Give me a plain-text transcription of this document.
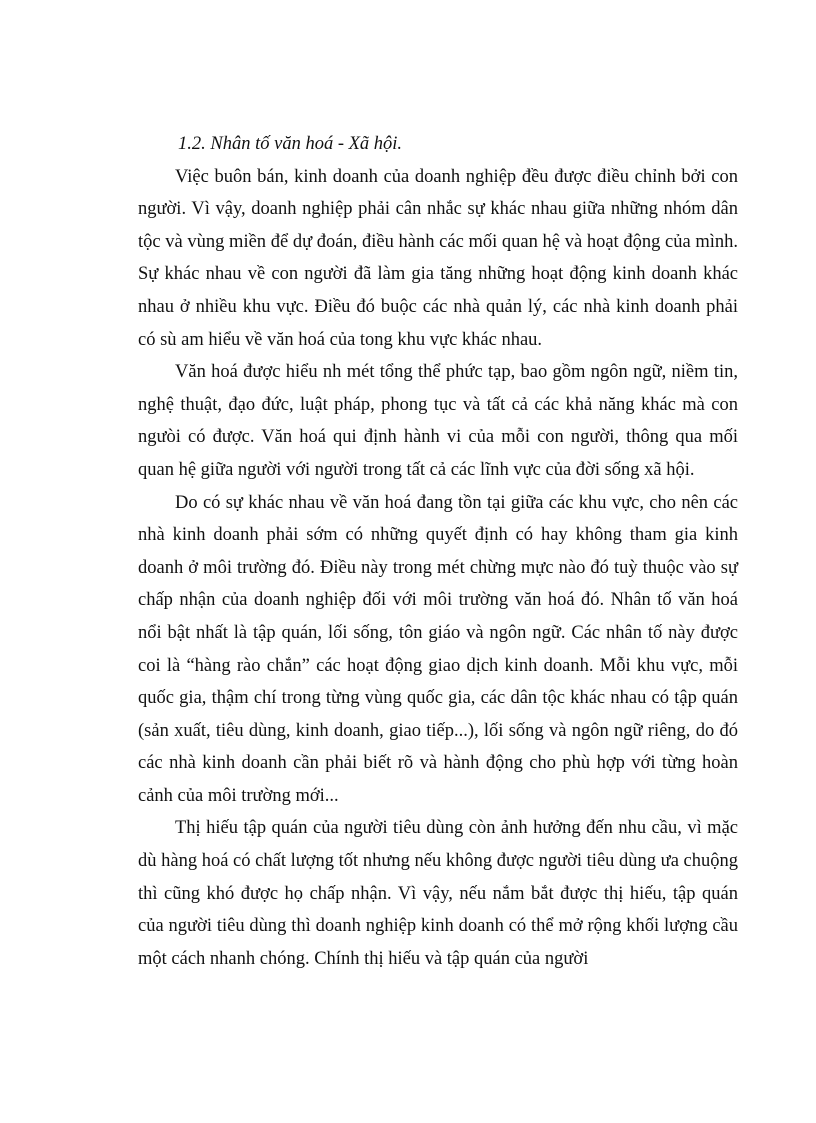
1.2. Nhân tố văn hoá - Xã hội.

Việc buôn bán, kinh doanh của doanh nghiệp đều được điều chỉnh bởi con người. Vì vậy, doanh nghiệp phải cân nhắc sự khác nhau giữa những nhóm dân tộc và vùng miền để dự đoán, điều hành các mối quan hệ và hoạt động của mình. Sự khác nhau về con người đã làm gia tăng những hoạt động kinh doanh khác nhau ở nhiều khu vực. Điều đó buộc các nhà quản lý, các nhà kinh doanh phải có sù am hiểu về văn hoá của tong khu vực khác nhau.

Văn hoá được hiểu nh mét tổng thể phức tạp, bao gồm ngôn ngữ, niềm tin, nghệ thuật, đạo đức, luật pháp, phong tục và tất cả các khả năng khác mà con ngưòi có được. Văn hoá qui định hành vi của mỗi con người, thông qua mối quan hệ giữa người với người trong tất cả các lĩnh vực của đời sống xã hội.

Do có sự khác nhau về văn hoá đang tồn tại giữa các khu vực, cho nên các nhà kinh doanh phải sớm có những quyết định có hay không tham gia kinh doanh ở môi trường đó. Điều này trong mét chừng mực nào đó tuỳ thuộc vào sự chấp nhận của doanh nghiệp đối với môi trường văn hoá đó. Nhân tố văn hoá nổi bật nhất là tập quán, lối sống, tôn giáo và ngôn ngữ. Các nhân tố này được coi là “hàng rào chắn” các hoạt động giao dịch kinh doanh. Mỗi khu vực, mỗi quốc gia, thậm chí trong từng vùng quốc gia, các dân tộc khác nhau có tập quán (sản xuất, tiêu dùng, kinh doanh, giao tiếp...), lối sống và ngôn ngữ riêng, do đó các nhà kinh doanh cần phải biết rõ và hành động cho phù hợp với từng hoàn cảnh của môi trường mới...

Thị hiếu tập quán của người tiêu dùng còn ảnh hưởng đến nhu cầu, vì mặc dù hàng hoá có chất lượng tốt nhưng nếu không được người tiêu dùng ưa chuộng thì cũng khó được họ chấp nhận. Vì vậy, nếu nắm bắt được thị hiếu, tập quán của người tiêu dùng thì doanh nghiệp kinh doanh có thể mở rộng khối lượng cầu một cách nhanh chóng. Chính thị hiếu và tập quán của người
